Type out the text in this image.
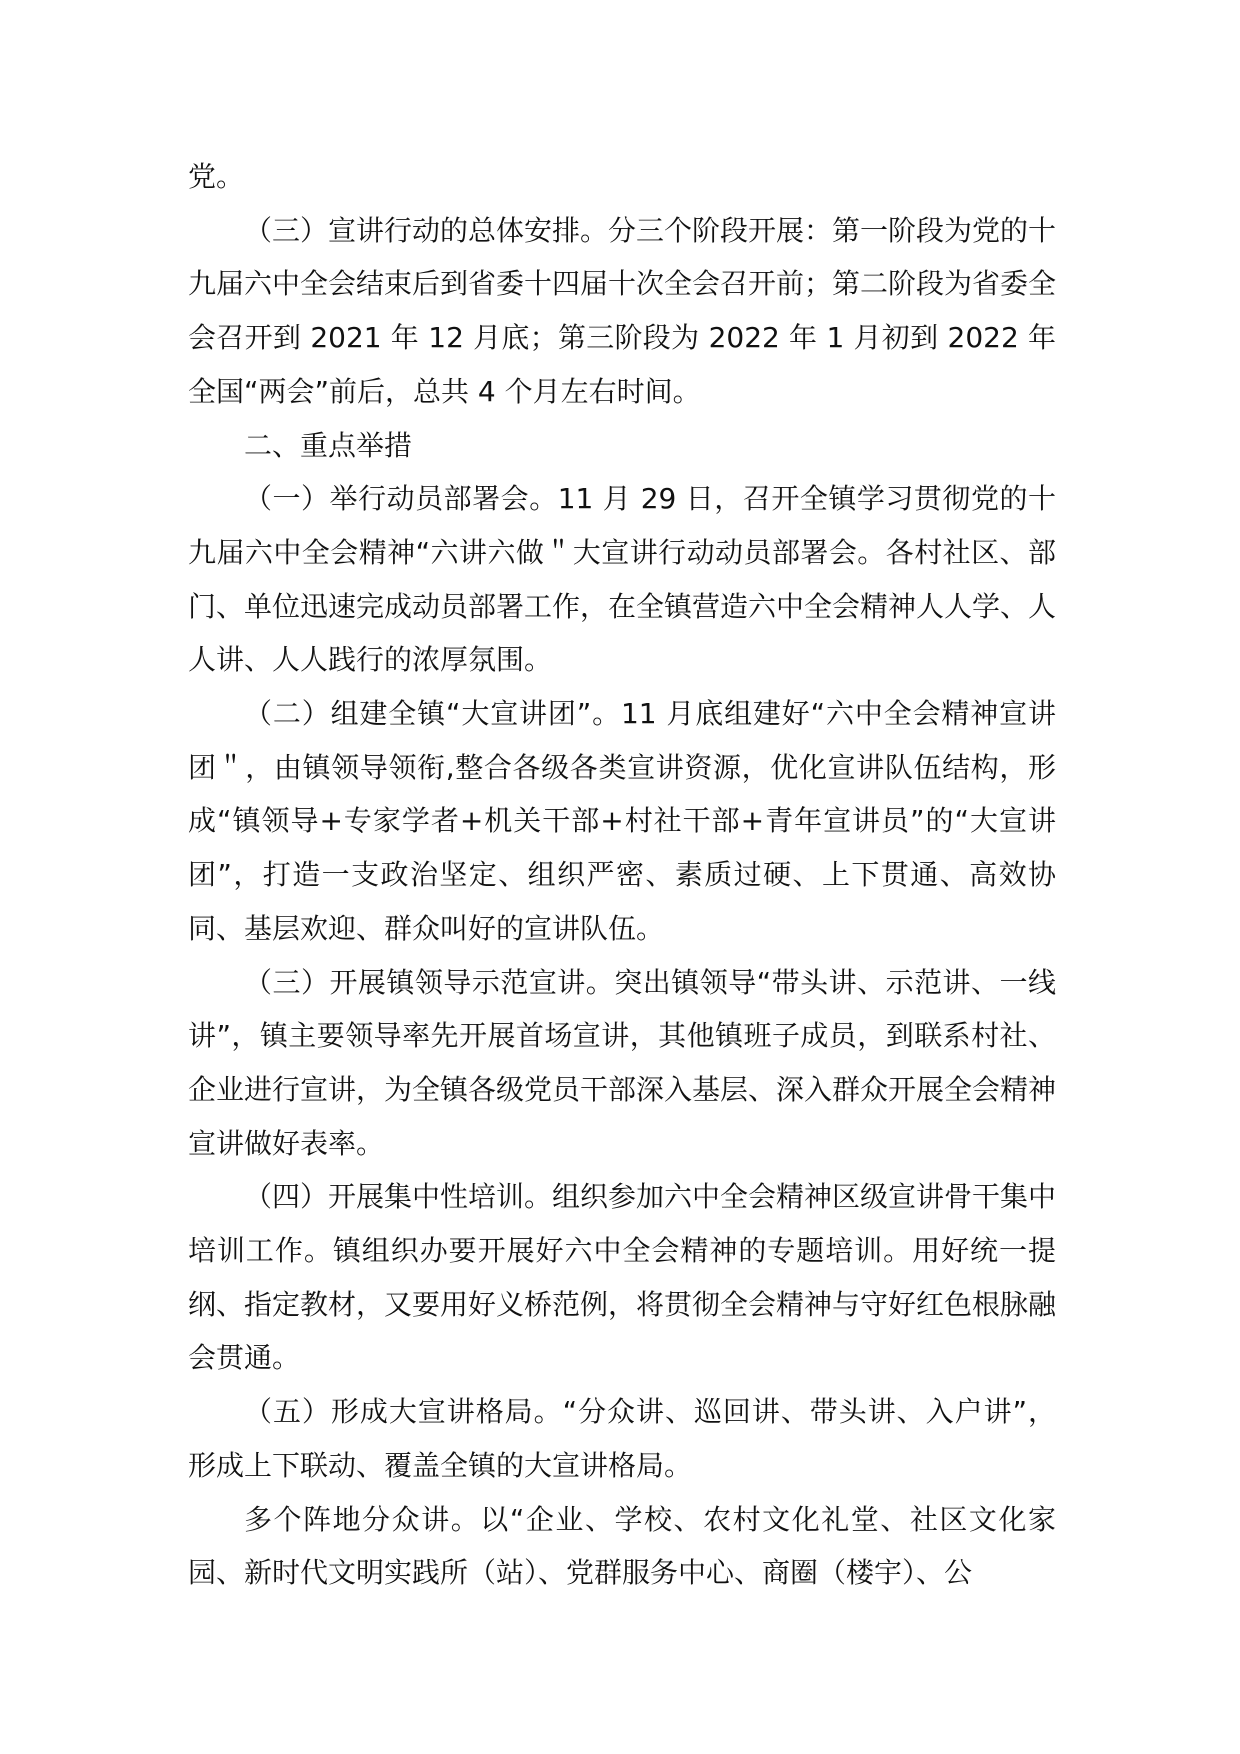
党。

（三）宣讲行动的总体安排。分三个阶段开展：第一阶段为党的十九届六中全会结束后到省委十四届十次全会召开前；第二阶段为省委全会召开到 2021 年 12 月底；第三阶段为 2022 年 1 月初到 2022 年全国“两会”前后，总共 4 个月左右时间。

二、重点举措

（一）举行动员部署会。11 月 29 日，召开全镇学习贯彻党的十九届六中全会精神“六讲六做＂大宣讲行动动员部署会。各村社区、部门、单位迅速完成动员部署工作，在全镇营造六中全会精神人人学、人人讲、人人践行的浓厚氛围。

（二）组建全镇“大宣讲团”。11 月底组建好“六中全会精神宣讲团＂，由镇领导领衔,整合各级各类宣讲资源，优化宣讲队伍结构，形成“镇领导+专家学者+机关干部+村社干部+青年宣讲员”的“大宣讲团”，打造一支政治坚定、组织严密、素质过硬、上下贯通、高效协同、基层欢迎、群众叫好的宣讲队伍。

（三）开展镇领导示范宣讲。突出镇领导“带头讲、示范讲、一线讲”，镇主要领导率先开展首场宣讲，其他镇班子成员，到联系村社、企业进行宣讲，为全镇各级党员干部深入基层、深入群众开展全会精神宣讲做好表率。

（四）开展集中性培训。组织参加六中全会精神区级宣讲骨干集中培训工作。镇组织办要开展好六中全会精神的专题培训。用好统一提纲、指定教材，又要用好义桥范例，将贯彻全会精神与守好红色根脉融会贯通。

（五）形成大宣讲格局。“分众讲、巡回讲、带头讲、入户讲”，形成上下联动、覆盖全镇的大宣讲格局。

多个阵地分众讲。以“企业、学校、农村文化礼堂、社区文化家园、新时代文明实践所（站）、党群服务中心、商圈（楼宇）、公
